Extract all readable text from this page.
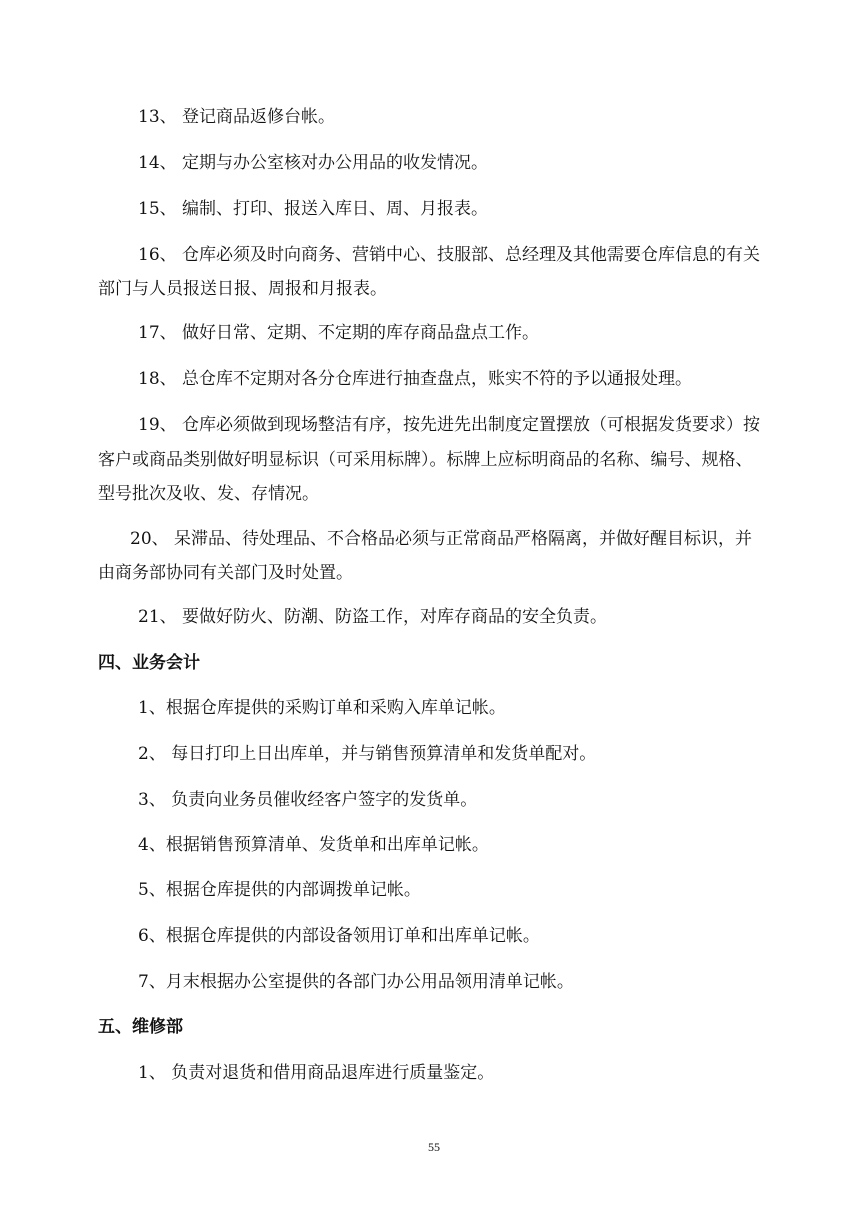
13、 登记商品返修台帐。
14、 定期与办公室核对办公用品的收发情况。
15、 编制、打印、报送入库日、周、月报表。
16、 仓库必须及时向商务、营销中心、技服部、总经理及其他需要仓库信息的有关
部门与人员报送日报、周报和月报表。
17、 做好日常、定期、不定期的库存商品盘点工作。
18、 总仓库不定期对各分仓库进行抽查盘点，账实不符的予以通报处理。
19、 仓库必须做到现场整洁有序，按先进先出制度定置摆放（可根据发货要求）按
客户或商品类别做好明显标识（可采用标牌）。标牌上应标明商品的名称、编号、规格、
型号批次及收、发、存情况。
20、 呆滞品、待处理品、不合格品必须与正常商品严格隔离，并做好醒目标识，并
由商务部协同有关部门及时处置。
21、 要做好防火、防潮、防盗工作，对库存商品的安全负责。
四、业务会计
1、根据仓库提供的采购订单和采购入库单记帐。
2、 每日打印上日出库单，并与销售预算清单和发货单配对。
3、 负责向业务员催收经客户签字的发货单。
4、根据销售预算清单、发货单和出库单记帐。
5、根据仓库提供的内部调拨单记帐。
6、根据仓库提供的内部设备领用订单和出库单记帐。
7、月末根据办公室提供的各部门办公用品领用清单记帐。
五、维修部
1、 负责对退货和借用商品退库进行质量鉴定。
55
